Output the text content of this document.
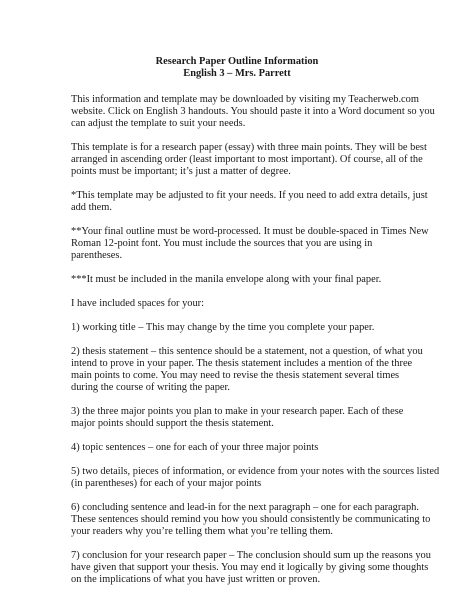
Research Paper Outline Information
English 3 – Mrs. Parrett
This information and template may be downloaded by visiting my Teacherweb.com
website. Click on English 3 handouts. You should paste it into a Word document so you
can adjust the template to suit your needs.
This template is for a research paper (essay) with three main points. They will be best
arranged in ascending order (least important to most important). Of course, all of the
points must be important; it’s just a matter of degree.
*This template may be adjusted to fit your needs. If you need to add extra details, just
add them.
**Your final outline must be word-processed. It must be double-spaced in Times New
Roman 12-point font. You must include the sources that you are using in
parentheses.
***It must be included in the manila envelope along with your final paper.
I have included spaces for your:
1) working title – This may change by the time you complete your paper.
2) thesis statement – this sentence should be a statement, not a question, of what you
intend to prove in your paper. The thesis statement includes a mention of the three
main points to come. You may need to revise the thesis statement several times
during the course of writing the paper.
3) the three major points you plan to make in your research paper. Each of these
major points should support the thesis statement.
4) topic sentences – one for each of your three major points
5) two details, pieces of information, or evidence from your notes with the sources listed
(in parentheses) for each of your major points
6) concluding sentence and lead-in for the next paragraph – one for each paragraph.
These sentences should remind you how you should consistently be communicating to
your readers why you’re telling them what you’re telling them.
7) conclusion for your research paper – The conclusion should sum up the reasons you
have given that support your thesis. You may end it logically by giving some thoughts
on the implications of what you have just written or proven.
